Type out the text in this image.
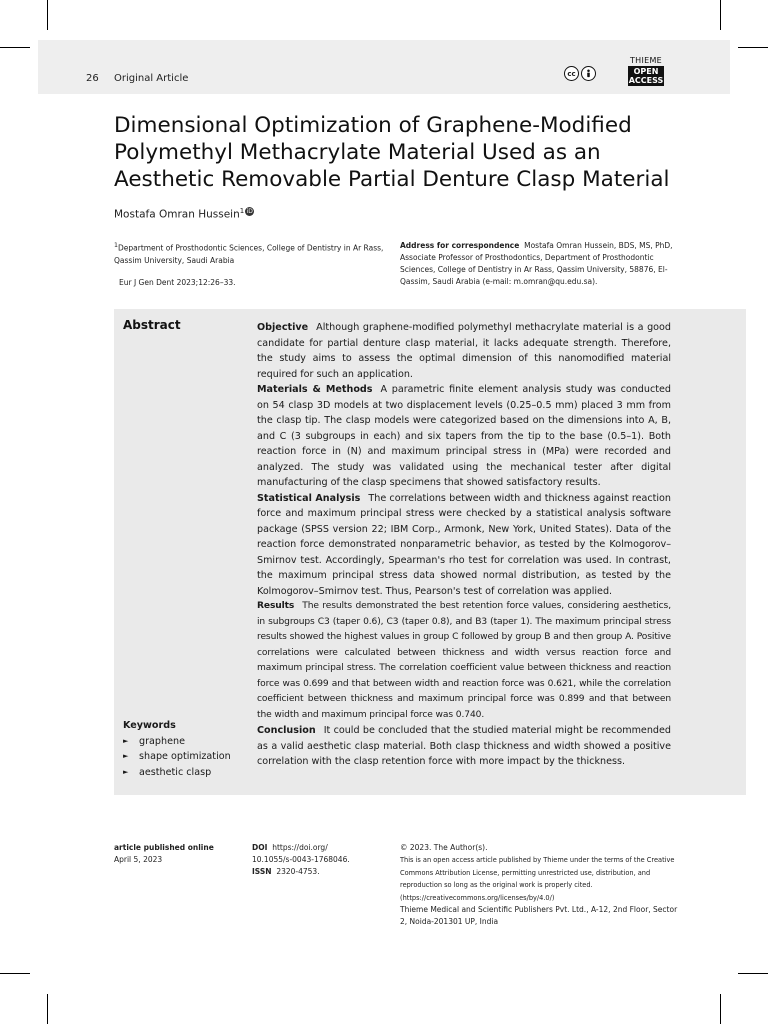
26 Original Article	cc
THIEME
OPEN
ACCESS
Dimensional Optimization of Graphene-Modified Polymethyl Methacrylate Material Used as an Aesthetic Removable Partial Denture Clasp Material
Mostafa Omran Hussein$^1$ iD
$^1$Department of Prosthodontic Sciences, College of Dentistry in Ar Rass, Qassim University, Saudi Arabia
Eur J Gen Dent 2023;12:26–33.
Address for correspondence Mostafa Omran Hussein, BDS, MS, PhD, Associate Professor of Prosthodontics, Department of Prosthodontic Sciences, College of Dentistry in Ar Rass, Qassim University, 58876, El-Qassim, Saudi Arabia (e-mail: m.omran@qu.edu.sa).
Abstract	Objective Although graphene-modified polymethyl methacrylate material is a good candidate for partial denture clasp material, it lacks adequate strength. Therefore, the study aims to assess the optimal dimension of this nanomodified material required for such an application.

Materials & Methods A parametric finite element analysis study was conducted on 54 clasp 3D models at two displacement levels (0.25–0.5 mm) placed 3 mm from the clasp tip. The clasp models were categorized based on the dimensions into A, B, and C (3 subgroups in each) and six tapers from the tip to the base (0.5–1). Both reaction force in (N) and maximum principal stress in (MPa) were recorded and analyzed. The study was validated using the mechanical tester after digital manufacturing of the clasp specimens that showed satisfactory results.

Statistical Analysis The correlations between width and thickness against reaction force and maximum principal stress were checked by a statistical analysis software package (SPSS version 22; IBM Corp., Armonk, New York, United States). Data of the reaction force demonstrated nonparametric behavior, as tested by the Kolmogorov–Smirnov test. Accordingly, Spearman's rho test for correlation was used. In contrast, the maximum principal stress data showed normal distribution, as tested by the Kolmogorov–Smirnov test. Thus, Pearson's test of correlation was applied.

Results The results demonstrated the best retention force values, considering aesthetics, in subgroups C3 (taper 0.6), C3 (taper 0.8), and B3 (taper 1). The maximum principal stress results showed the highest values in group C followed by group B and then group A. Positive correlations were calculated between thickness and width versus reaction force and maximum principal stress. The correlation coefficient value between thickness and reaction force was 0.699 and that between width and reaction force was 0.621, while the correlation coefficient between thickness and maximum principal force was 0.899 and that between the width and maximum principal force was 0.740.

Conclusion It could be concluded that the studied material might be recommended as a valid aesthetic clasp material. Both clasp thickness and width showed a positive correlation with the clasp retention force with more impact by the thickness.

Keywords
► graphene
► shape optimization
► aesthetic clasp
article published online
April 5, 2023
DOI https://doi.org/
10.1055/s-0043-1768046.
ISSN 2320-4753.
© 2023. The Author(s).
This is an open access article published by Thieme under the terms of the Creative Commons Attribution License, permitting unrestricted use, distribution, and reproduction so long as the original work is properly cited. (https://creativecommons.org/licenses/by/4.0/)
Thieme Medical and Scientific Publishers Pvt. Ltd., A-12, 2nd Floor, Sector 2, Noida-201301 UP, India
